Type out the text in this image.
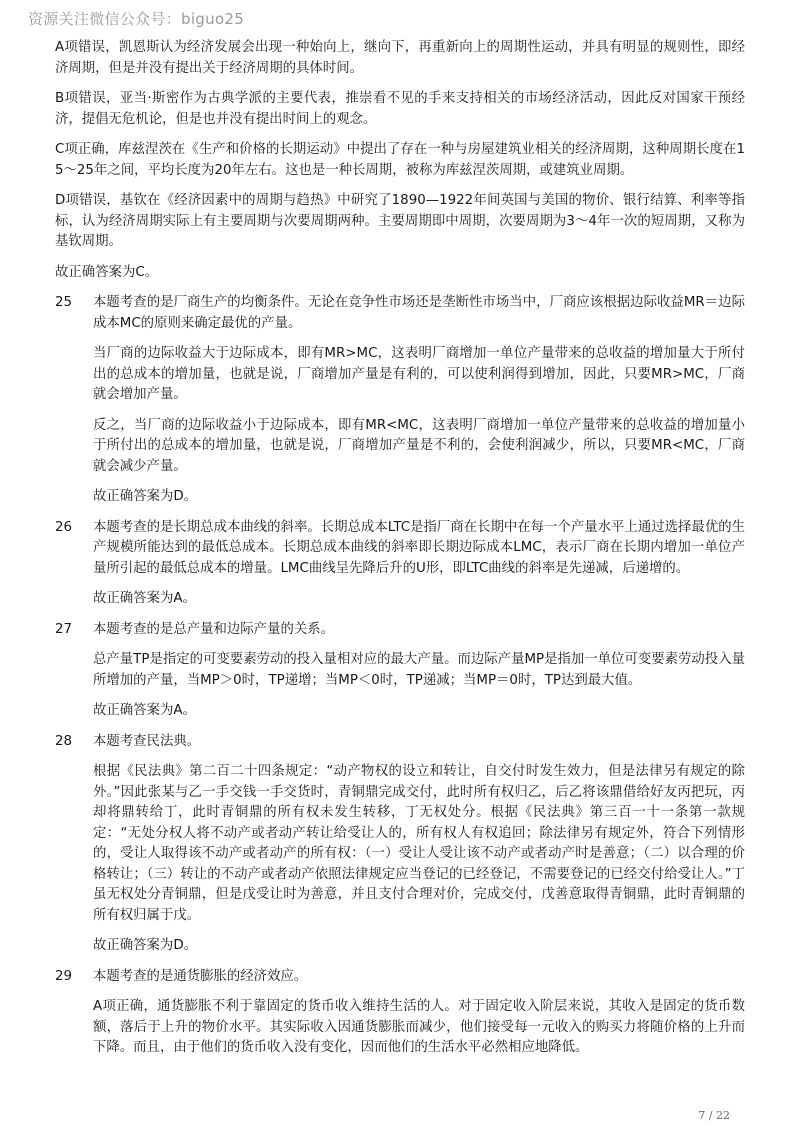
资源关注微信公众号：biguo25

A项错误，凯恩斯认为经济发展会出现一种始向上，继向下，再重新向上的周期性运动，并具有明显的规则性，即经济周期，但是并没有提出关于经济周期的具体时间。

B项错误，亚当·斯密作为古典学派的主要代表，推崇看不见的手来支持相关的市场经济活动，因此反对国家干预经济，提倡无危机论，但是也并没有提出时间上的观念。

C项正确，库兹涅茨在《生产和价格的长期运动》中提出了存在一种与房屋建筑业相关的经济周期，这种周期长度在15～25年之间，平均长度为20年左右。这也是一种长周期，被称为库兹涅茨周期，或建筑业周期。

D项错误，基钦在《经济因素中的周期与趋热》中研究了1890—1922年间英国与美国的物价、银行结算、利率等指标，认为经济周期实际上有主要周期与次要周期两种。主要周期即中周期，次要周期为3～4年一次的短周期，又称为基钦周期。

故正确答案为C。

25	本题考查的是厂商生产的均衡条件。无论在竞争性市场还是垄断性市场当中，厂商应该根据边际收益MR＝边际成本MC的原则来确定最优的产量。

当厂商的边际收益大于边际成本，即有MR>MC，这表明厂商增加一单位产量带来的总收益的增加量大于所付出的总成本的增加量，也就是说，厂商增加产量是有利的，可以使利润得到增加，因此，只要MR>MC，厂商就会增加产量。

反之，当厂商的边际收益小于边际成本，即有MR<MC，这表明厂商增加一单位产量带来的总收益的增加量小于所付出的总成本的增加量，也就是说，厂商增加产量是不利的，会使利润减少，所以，只要MR<MC，厂商就会减少产量。

故正确答案为D。

26	本题考查的是长期总成本曲线的斜率。长期总成本LTC是指厂商在长期中在每一个产量水平上通过选择最优的生产规模所能达到的最低总成本。长期总成本曲线的斜率即长期边际成本LMC，表示厂商在长期内增加一单位产量所引起的最低总成本的增量。LMC曲线呈先降后升的U形，即LTC曲线的斜率是先递减，后递增的。

故正确答案为A。

27	本题考查的是总产量和边际产量的关系。

总产量TP是指定的可变要素劳动的投入量相对应的最大产量。而边际产量MP是指加一单位可变要素劳动投入量所增加的产量，当MP＞0时，TP递增；当MP＜0时，TP递减；当MP＝0时，TP达到最大值。

故正确答案为A。

28	本题考查民法典。

根据《民法典》第二百二十四条规定：“动产物权的设立和转让，自交付时发生效力，但是法律另有规定的除外。”因此张某与乙一手交钱一手交货时，青铜鼎完成交付，此时所有权归乙，后乙将该鼎借给好友丙把玩，丙却将鼎转给丁，此时青铜鼎的所有权未发生转移，丁无权处分。根据《民法典》第三百一十一条第一款规定：“无处分权人将不动产或者动产转让给受让人的，所有权人有权追回；除法律另有规定外，符合下列情形的，受让人取得该不动产或者动产的所有权：（一）受让人受让该不动产或者动产时是善意；（二）以合理的价格转让；（三）转让的不动产或者动产依照法律规定应当登记的已经登记，不需要登记的已经交付给受让人。”丁虽无权处分青铜鼎，但是戊受让时为善意，并且支付合理对价，完成交付，戊善意取得青铜鼎，此时青铜鼎的所有权归属于戊。

故正确答案为D。

29	本题考查的是通货膨胀的经济效应。

A项正确，通货膨胀不利于靠固定的货币收入维持生活的人。对于固定收入阶层来说，其收入是固定的货币数额，落后于上升的物价水平。其实际收入因通货膨胀而减少，他们接受每一元收入的购买力将随价格的上升而下降。而且，由于他们的货币收入没有变化，因而他们的生活水平必然相应地降低。

7 / 22
